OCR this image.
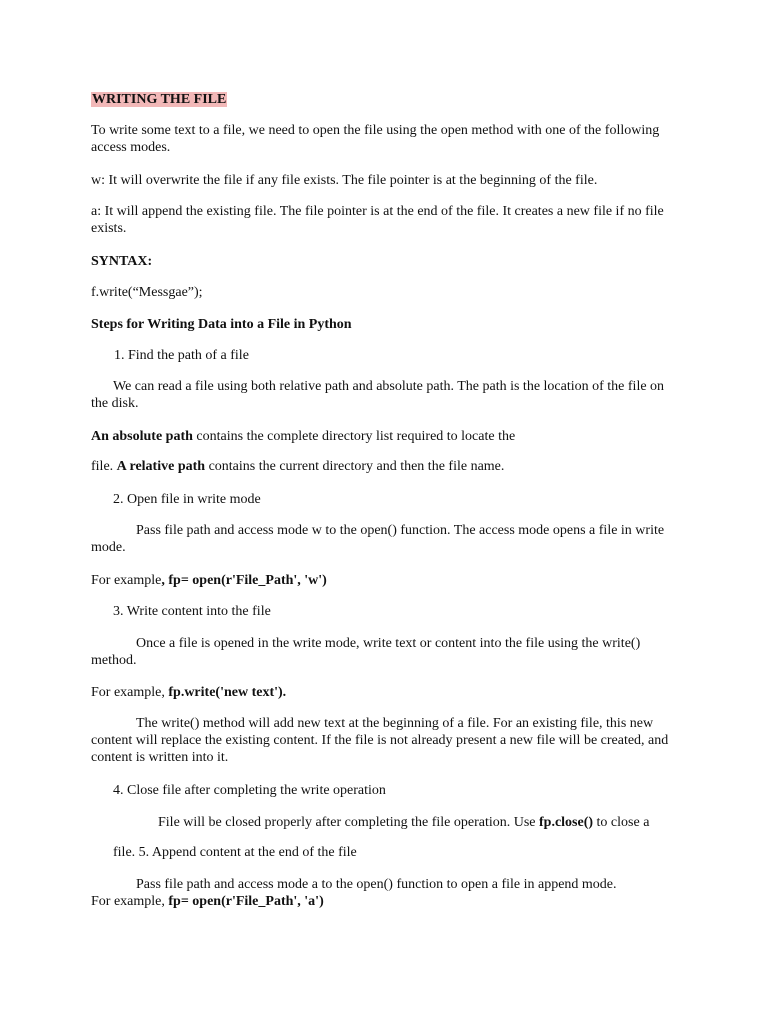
WRITING THE FILE

To write some text to a file, we need to open the file using the open method with one of the following access modes.

w: It will overwrite the file if any file exists. The file pointer is at the beginning of the file.

a: It will append the existing file. The file pointer is at the end of the file. It creates a new file if no file exists.

SYNTAX:

f.write(“Messgae”);

Steps for Writing Data into a File in Python

1. Find the path of a file

We can read a file using both relative path and absolute path. The path is the location of the file on the disk.

An absolute path contains the complete directory list required to locate the

file. A relative path contains the current directory and then the file name.

2. Open file in write mode

Pass file path and access mode w to the open() function. The access mode opens a file in write mode.

For example, fp= open(r'File_Path', 'w')

3. Write content into the file

Once a file is opened in the write mode, write text or content into the file using the write() method.

For example, fp.write('new text').

The write() method will add new text at the beginning of a file. For an existing file, this new content will replace the existing content. If the file is not already present a new file will be created, and content is written into it.

4. Close file after completing the write operation

File will be closed properly after completing the file operation. Use fp.close() to close a

file. 5. Append content at the end of the file

Pass file path and access mode a to the open() function to open a file in append mode.

For example, fp= open(r'File_Path', 'a')
